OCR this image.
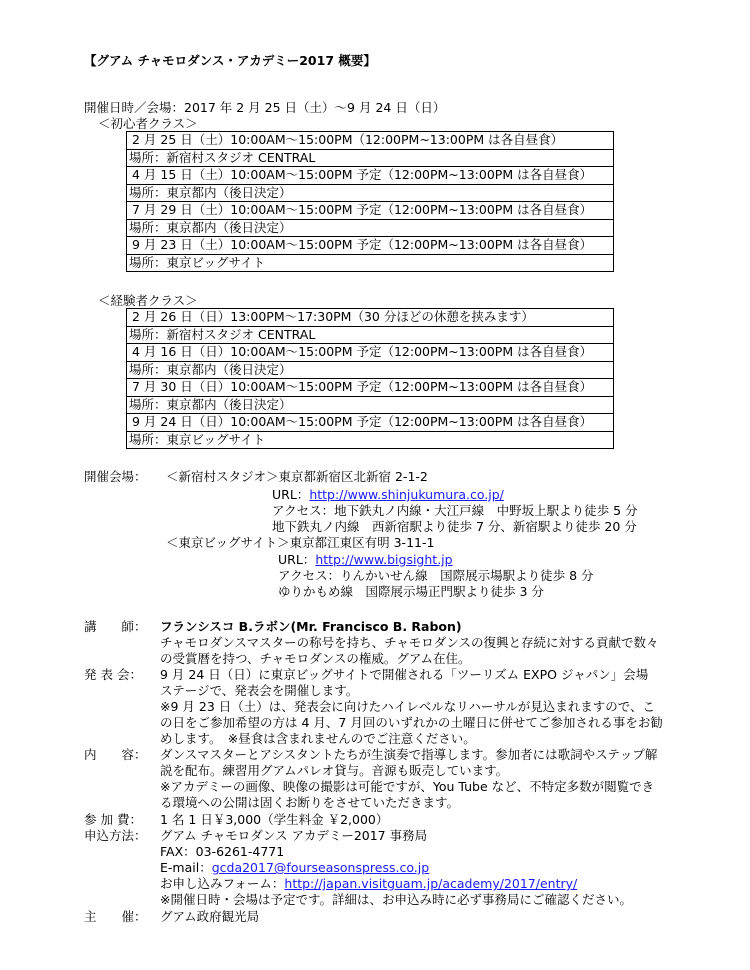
【グアム チャモロダンス・アカデミー2017 概要】
開催日時／会場：2017 年 2 月 25 日（土）～9 月 24 日（日）
＜初心者クラス＞
2 月 25 日（土）10:00AM～15:00PM（12:00PM~13:00PM は各自昼食）
場所：新宿村スタジオ CENTRAL
4 月 15 日（土）10:00AM～15:00PM 予定（12:00PM~13:00PM は各自昼食）
場所：東京都内（後日決定）
7 月 29 日（土）10:00AM～15:00PM 予定（12:00PM~13:00PM は各自昼食）
場所：東京都内（後日決定）
9 月 23 日（土）10:00AM～15:00PM 予定（12:00PM~13:00PM は各自昼食）
場所：東京ビッグサイト
＜経験者クラス＞
2 月 26 日（日）13:00PM～17:30PM（30 分ほどの休憩を挟みます）
場所：新宿村スタジオ CENTRAL
4 月 16 日（日）10:00AM～15:00PM 予定（12:00PM~13:00PM は各自昼食）
場所：東京都内（後日決定）
7 月 30 日（日）10:00AM～15:00PM 予定（12:00PM~13:00PM は各自昼食）
場所：東京都内（後日決定）
9 月 24 日（日）10:00AM～15:00PM 予定（12:00PM~13:00PM は各自昼食）
場所：東京ビッグサイト
開催会場： ＜新宿村スタジオ＞東京都新宿区北新宿 2-1-2
URL：http://www.shinjukumura.co.jp/
アクセス：地下鉄丸ノ内線・大江戸線　中野坂上駅より徒歩 5 分
地下鉄丸ノ内線　西新宿駅より徒歩 7 分、新宿駅より徒歩 20 分
＜東京ビッグサイト＞東京都江東区有明 3-11-1
URL：http://www.bigsight.jp
アクセス：りんかいせん線　国際展示場駅より徒歩 8 分
ゆりかもめ線　国際展示場正門駅より徒歩 3 分
講　　師： フランシスコ B.ラボン(Mr. Francisco B. Rabon)
チャモロダンスマスターの称号を持ち、チャモロダンスの復興と存続に対する貢献で数々
の受賞暦を持つ、チャモロダンスの権威。グアム在住。
発 表 会： 9 月 24 日（日）に東京ビッグサイトで開催される「ツーリズム EXPO ジャパン」会場
ステージで、発表会を開催します。
※9 月 23 日（土）は、発表会に向けたハイレベルなリハーサルが見込まれますので、こ
の日をご参加希望の方は 4 月、7 月回のいずれかの土曜日に併せてご参加される事をお勧
めします。　※昼食は含まれませんのでご注意ください。
内　　容： ダンスマスターとアシスタントたちが生演奏で指導します。参加者には歌詞やステップ解
説を配布。練習用グアムパレオ貸与。音源も販売しています。
※アカデミーの画像、映像の撮影は可能ですが、You Tube など、不特定多数が閲覧でき
る環境への公開は固くお断りをさせていただきます。
参 加 費： 1 名 1 日￥3,000（学生料金 ￥2,000）
申込方法： グアム チャモロダンス アカデミー2017 事務局
FAX：03-6261-4771
E-mail：gcda2017@fourseasonspress.co.jp
お申し込みフォーム：http://japan.visitguam.jp/academy/2017/entry/
※開催日時・会場は予定です。詳細は、お申込み時に必ず事務局にご確認ください。
主　　催： グアム政府観光局
